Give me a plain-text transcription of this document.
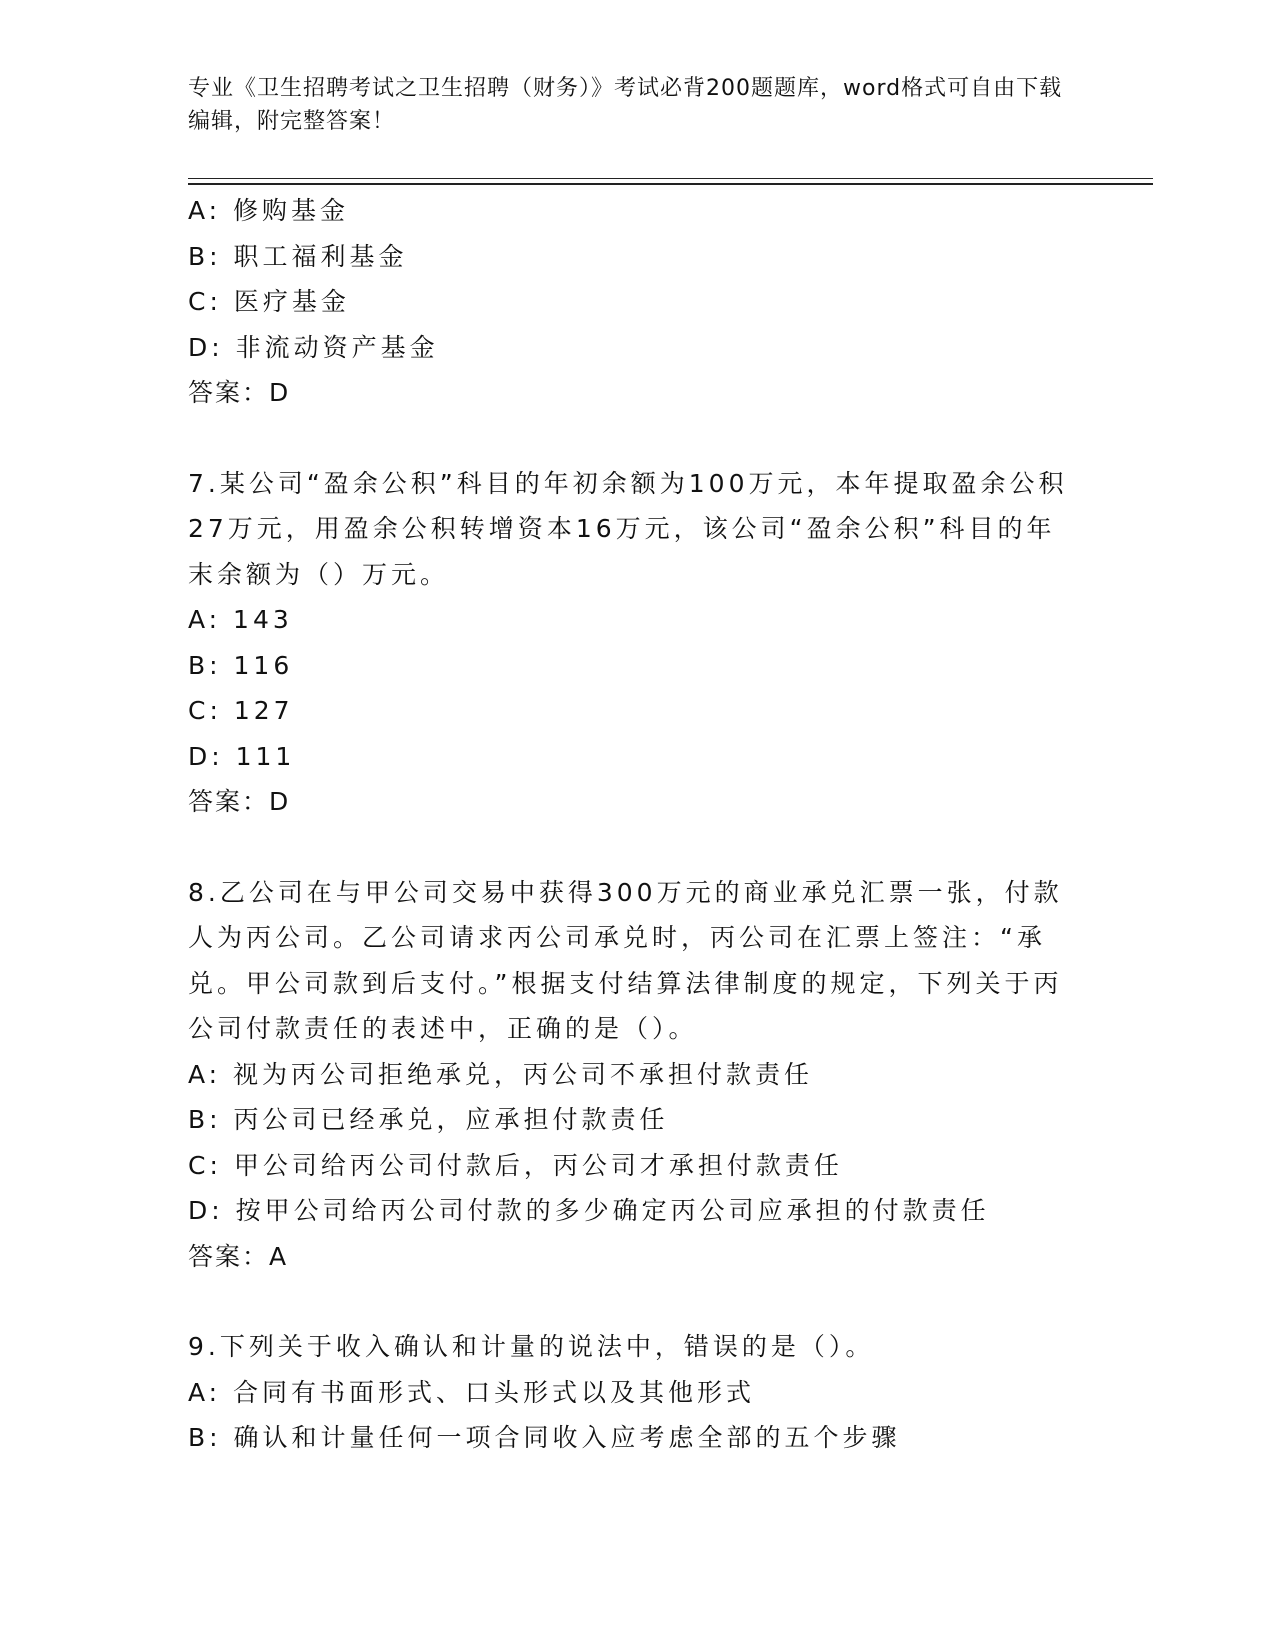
专业《卫生招聘考试之卫生招聘（财务）》考试必背200题题库，word格式可自由下载编辑，附完整答案！
A: 修购基金
B: 职工福利基金
C: 医疗基金
D: 非流动资产基金
答案：D
7.某公司“盈余公积”科目的年初余额为100万元，本年提取盈余公积27万元，用盈余公积转增资本16万元，该公司“盈余公积”科目的年末余额为（）万元。
A: 143
B: 116
C: 127
D: 111
答案：D
8.乙公司在与甲公司交易中获得300万元的商业承兑汇票一张，付款人为丙公司。乙公司请求丙公司承兑时，丙公司在汇票上签注：“承兑。甲公司款到后支付。”根据支付结算法律制度的规定，下列关于丙公司付款责任的表述中，正确的是（）。
A: 视为丙公司拒绝承兑，丙公司不承担付款责任
B: 丙公司已经承兑，应承担付款责任
C: 甲公司给丙公司付款后，丙公司才承担付款责任
D: 按甲公司给丙公司付款的多少确定丙公司应承担的付款责任
答案：A
9.下列关于收入确认和计量的说法中，错误的是（）。
A: 合同有书面形式、口头形式以及其他形式
B: 确认和计量任何一项合同收入应考虑全部的五个步骤
